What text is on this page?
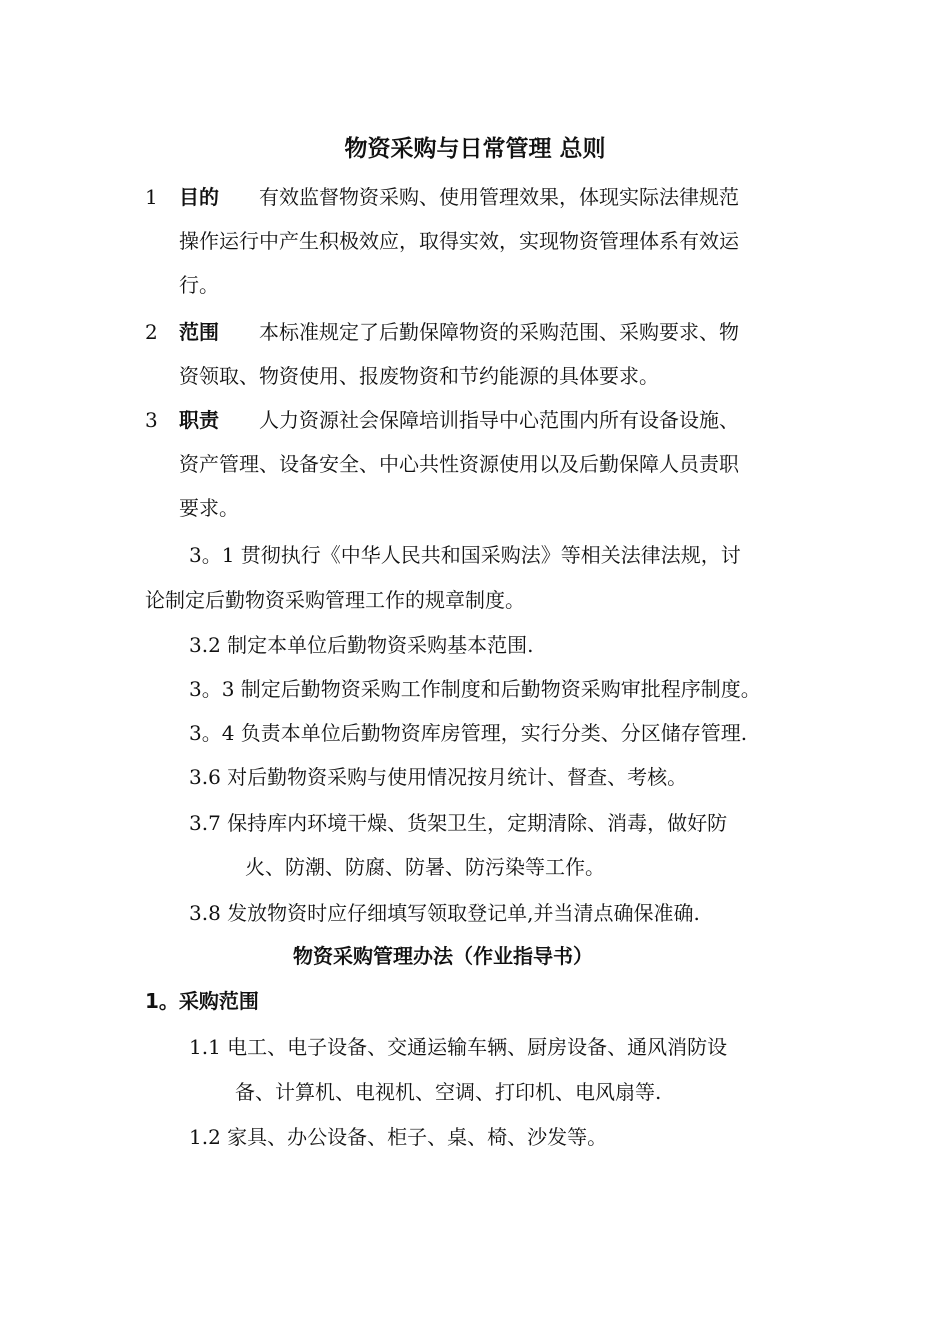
物资采购与日常管理 总则
1 目的 有效监督物资采购、使用管理效果，体现实际法律规范
操作运行中产生积极效应，取得实效，实现物资管理体系有效运
行。
2 范围 本标准规定了后勤保障物资的采购范围、采购要求、物
资领取、物资使用、报废物资和节约能源的具体要求。
3 职责 人力资源社会保障培训指导中心范围内所有设备设施、
资产管理、设备安全、中心共性资源使用以及后勤保障人员责职
要求。
3。1 贯彻执行《中华人民共和国采购法》等相关法律法规，讨
论制定后勤物资采购管理工作的规章制度。
3.2 制定本单位后勤物资采购基本范围.
3。3 制定后勤物资采购工作制度和后勤物资采购审批程序制度。
3。4 负责本单位后勤物资库房管理，实行分类、分区储存管理.
3.6 对后勤物资采购与使用情况按月统计、督查、考核。
3.7 保持库内环境干燥、货架卫生，定期清除、消毒，做好防
火、防潮、防腐、防暑、防污染等工作。
3.8 发放物资时应仔细填写领取登记单,并当清点确保准确.
物资采购管理办法（作业指导书）
1。采购范围
1.1 电工、电子设备、交通运输车辆、厨房设备、通风消防设
备、计算机、电视机、空调、打印机、电风扇等.
1.2 家具、办公设备、柜子、桌、椅、沙发等。
